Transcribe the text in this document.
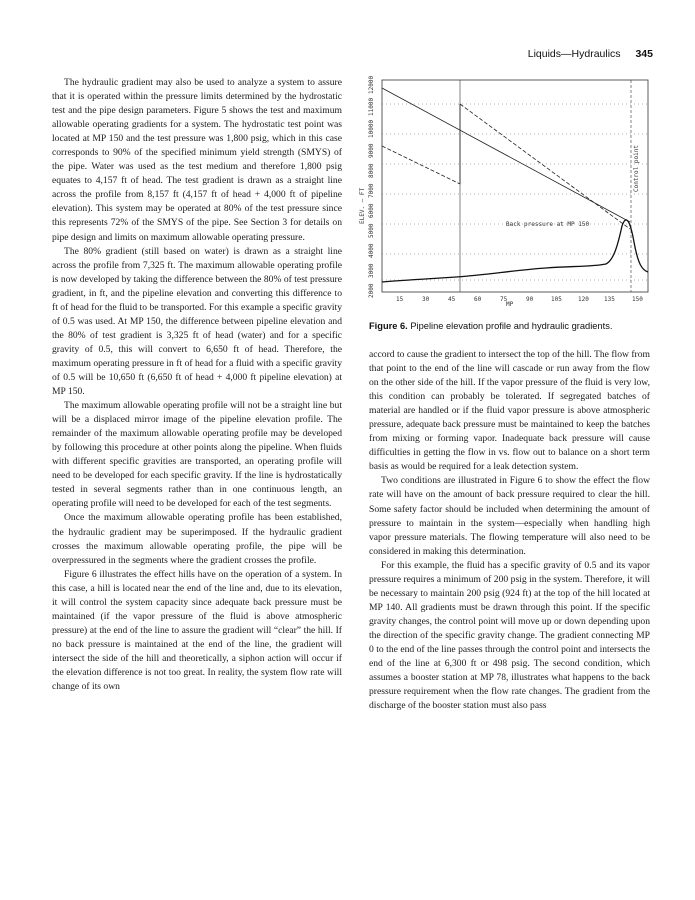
Liquids—Hydraulics 345

The hydraulic gradient may also be used to analyze a system to assure that it is operated within the pressure limits determined by the hydrostatic test and the pipe design parameters. Figure 5 shows the test and maximum allowable operating gradients for a system. The hydrostatic test point was located at MP 150 and the test pressure was 1,800 psig, which in this case corresponds to 90% of the specified minimum yield strength (SMYS) of the pipe. Water was used as the test medium and therefore 1,800 psig equates to 4,157 ft of head. The test gradient is drawn as a straight line across the profile from 8,157 ft (4,157 ft of head + 4,000 ft of pipeline elevation). This system may be operated at 80% of the test pressure since this represents 72% of the SMYS of the pipe. See Section 3 for details on pipe design and limits on maximum allowable operating pressure.

The 80% gradient (still based on water) is drawn as a straight line across the profile from 7,325 ft. The maximum allowable operating profile is now developed by taking the difference between the 80% of test pressure gradient, in ft, and the pipeline elevation and converting this difference to ft of head for the fluid to be transported. For this example a specific gravity of 0.5 was used. At MP 150, the difference between pipeline elevation and the 80% of test gradient is 3,325 ft of head (water) and for a specific gravity of 0.5, this will convert to 6,650 ft of head. Therefore, the maximum operating pressure in ft of head for a fluid with a specific gravity of 0.5 will be 10,650 ft (6,650 ft of head + 4,000 ft pipeline elevation) at MP 150.

The maximum allowable operating profile will not be a straight line but will be a displaced mirror image of the pipeline elevation profile. The remainder of the maximum allowable operating profile may be developed by following this procedure at other points along the pipeline. When fluids with different specific gravities are transported, an operating profile will need to be developed for each specific gravity. If the line is hydrostatically tested in several segments rather than in one continuous length, an operating profile will need to be developed for each of the test segments.

Once the maximum allowable operating profile has been established, the hydraulic gradient may be superimposed. If the hydraulic gradient crosses the maximum allowable operating profile, the pipe will be overpressured in the segments where the gradient crosses the profile.

Figure 6 illustrates the effect hills have on the operation of a system. In this case, a hill is located near the end of the line and, due to its elevation, it will control the system capacity since adequate back pressure must be maintained (if the vapor pressure of the fluid is above atmospheric pressure) at the end of the line to assure the gradient will “clear” the hill. If no back pressure is maintained at the end of the line, the gradient will intersect the side of the hill and theoretically, a siphon action will occur if the elevation difference is not too great. In reality, the system flow rate will change of its own

ELEV. – FT
2000
3000
4000
5000
6000
7000
8000
9000
10000
11000
12000
Back pressure at MP 150
Control point
15	30	45	60	75	90	105	120	135	150
MP
Figure 6. Pipeline elevation profile and hydraulic gradients.

accord to cause the gradient to intersect the top of the hill. The flow from that point to the end of the line will cascade or run away from the flow on the other side of the hill. If the vapor pressure of the fluid is very low, this condition can probably be tolerated. If segregated batches of material are handled or if the fluid vapor pressure is above atmospheric pressure, adequate back pressure must be maintained to keep the batches from mixing or forming vapor. Inadequate back pressure will cause difficulties in getting the flow in vs. flow out to balance on a short term basis as would be required for a leak detection system.

Two conditions are illustrated in Figure 6 to show the effect the flow rate will have on the amount of back pressure required to clear the hill. Some safety factor should be included when determining the amount of pressure to maintain in the system—especially when handling high vapor pressure materials. The flowing temperature will also need to be considered in making this determination.

For this example, the fluid has a specific gravity of 0.5 and its vapor pressure requires a minimum of 200 psig in the system. Therefore, it will be necessary to maintain 200 psig (924 ft) at the top of the hill located at MP 140. All gradients must be drawn through this point. If the specific gravity changes, the control point will move up or down depending upon the direction of the specific gravity change. The gradient connecting MP 0 to the end of the line passes through the control point and intersects the end of the line at 6,300 ft or 498 psig. The second condition, which assumes a booster station at MP 78, illustrates what happens to the back pressure requirement when the flow rate changes. The gradient from the discharge of the booster station must also pass
